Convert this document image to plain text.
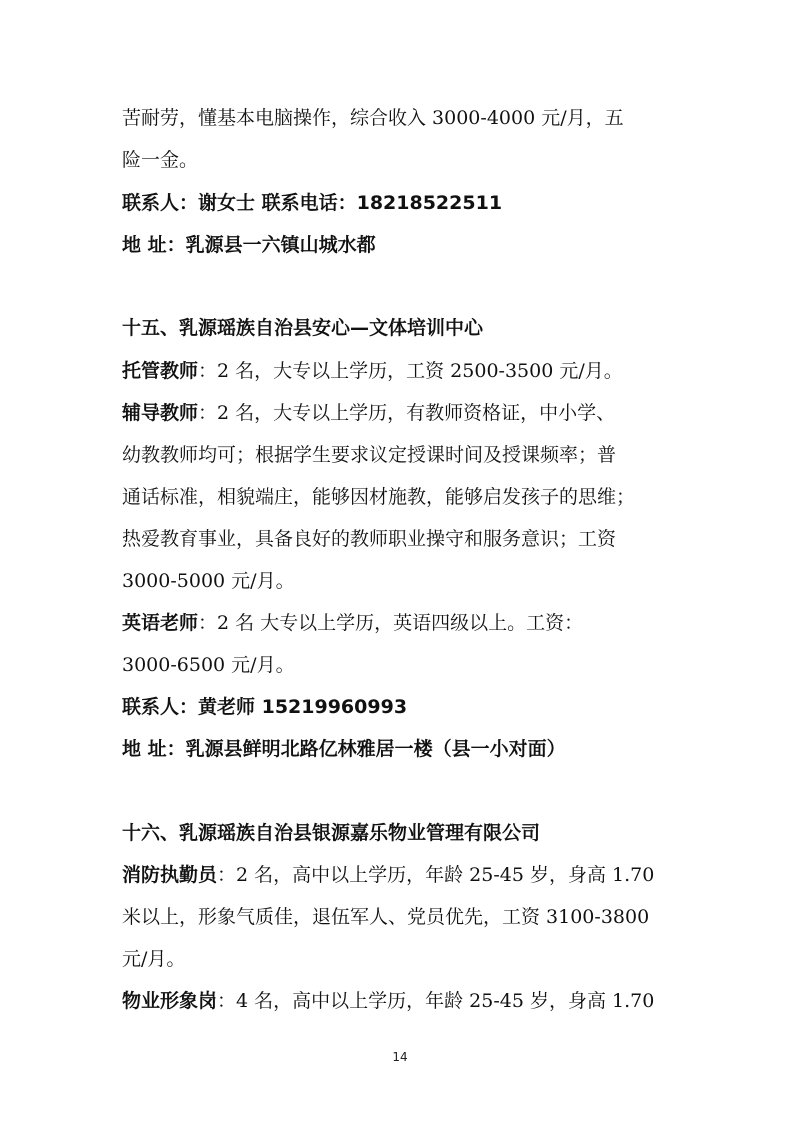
苦耐劳，懂基本电脑操作，综合收入 3000-4000 元/月，五
险一金。
联系人：谢女士 联系电话：18218522511
地 址：乳源县一六镇山城水都
十五、乳源瑶族自治县安心—文体培训中心
托管教师：2 名，大专以上学历，工资 2500-3500 元/月。
辅导教师：2 名，大专以上学历，有教师资格证，中小学、
幼教教师均可；根据学生要求议定授课时间及授课频率；普
通话标准，相貌端庄，能够因材施教，能够启发孩子的思维；
热爱教育事业，具备良好的教师职业操守和服务意识；工资
3000-5000 元/月。
英语老师：2 名 大专以上学历，英语四级以上。工资：
3000-6500 元/月。
联系人：黄老师 15219960993
地 址：乳源县鲜明北路亿林雅居一楼（县一小对面）
十六、乳源瑶族自治县银源嘉乐物业管理有限公司
消防执勤员：2 名，高中以上学历，年龄 25-45 岁，身高 1.70
米以上，形象气质佳，退伍军人、党员优先，工资 3100-3800
元/月。
物业形象岗：4 名，高中以上学历，年龄 25-45 岁，身高 1.70
14
